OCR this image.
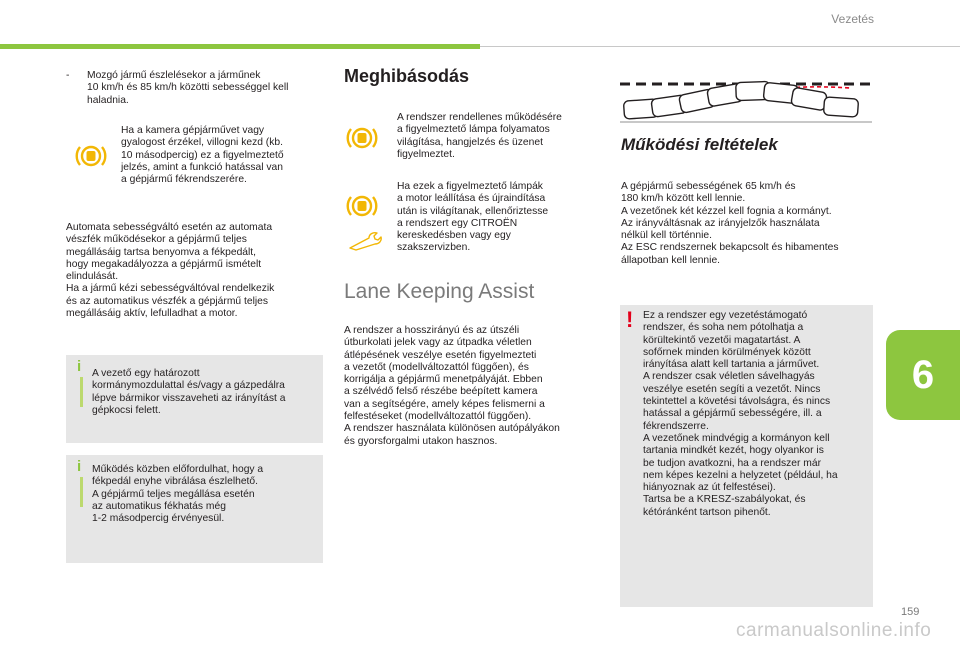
Vezetés
- Mozgó jármű észlelésekor a járműnek
10 km/h és 85 km/h közötti sebességgel kell
haladnia.
Ha a kamera gépjárművet vagy
gyalogost érzékel, villogni kezd (kb.
10 másodpercig) ez a figyelmeztető
jelzés, amint a funkció hatással van
a gépjármű fékrendszerére.
Automata sebességváltó esetén az automata
vészfék működésekor a gépjármű teljes
megállásáig tartsa benyomva a fékpedált,
hogy megakadályozza a gépjármű ismételt
elindulását.
Ha a jármű kézi sebességváltóval rendelkezik
és az automatikus vészfék a gépjármű teljes
megállásáig aktív, lefulladhat a motor.
i A vezető egy határozott
kormánymozdulattal és/vagy a gázpedálra
lépve bármikor visszaveheti az irányítást a
gépkocsi felett.
i Működés közben előfordulhat, hogy a
fékpedál enyhe vibrálása észlelhető.
A gépjármű teljes megállása esetén
az automatikus fékhatás még
1-2 másodpercig érvényesül.
Meghibásodás
A rendszer rendellenes működésére
a figyelmeztető lámpa folyamatos
világítása, hangjelzés és üzenet
figyelmeztet.
Ha ezek a figyelmeztető lámpák
a motor leállítása és újraindítása
után is világítanak, ellenőriztesse
a rendszert egy CITROËN
kereskedésben vagy egy
szakszervizben.
Lane Keeping Assist
A rendszer a hosszirányú és az útszéli
útburkolati jelek vagy az útpadka véletlen
átlépésének veszélye esetén figyelmezteti
a vezetőt (modellváltozattól függően), és
korrigálja a gépjármű menetpályáját. Ebben
a szélvédő felső részébe beépített kamera
van a segítségére, amely képes felismerni a
felfestéseket (modellváltozattól függően).
A rendszer használata különösen autópályákon
és gyorsforgalmi utakon hasznos.
Működési feltételek
A gépjármű sebességének 65 km/h és
180 km/h között kell lennie.
A vezetőnek két kézzel kell fognia a kormányt.
Az irányváltásnak az irányjelzők használata
nélkül kell történnie.
Az ESC rendszernek bekapcsolt és hibamentes
állapotban kell lennie.
! Ez a rendszer egy vezetéstámogató
rendszer, és soha nem pótolhatja a
körültekintő vezetői magatartást. A
sofőrnek minden körülmények között
irányítása alatt kell tartania a járművet.
A rendszer csak véletlen sávelhagyás
veszélye esetén segíti a vezetőt. Nincs
tekintettel a követési távolságra, és nincs
hatással a gépjármű sebességére, ill. a
fékrendszerre.
A vezetőnek mindvégig a kormányon kell
tartania mindkét kezét, hogy olyankor is
be tudjon avatkozni, ha a rendszer már
nem képes kezelni a helyzetet (például, ha
hiányoznak az út felfestései).
Tartsa be a KRESZ-szabályokat, és
kétóránként tartson pihenőt.
6
159
carmanualsonline.info
